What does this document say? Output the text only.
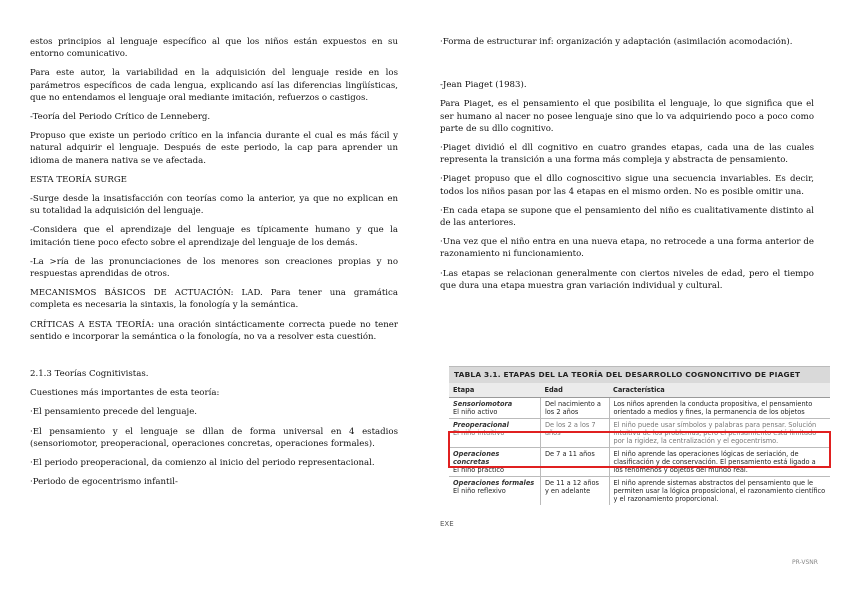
estos principios al lenguaje específico al que los niños están expuestos en su entorno comunicativo.

Para este autor, la variabilidad en la adquisición del lenguaje reside en los parámetros específicos de cada lengua, explicando así las diferencias lingüísticas, que no entendamos el lenguaje oral mediante imitación, refuerzos o castigos.

-Teoría del Periodo Crítico de Lenneberg.

Propuso que existe un periodo crítico en la infancia durante el cual es más fácil y natural adquirir el lenguaje. Después de este periodo, la cap para aprender un idioma de manera nativa se ve afectada.

ESTA TEORÍA SURGE

-Surge desde la insatisfacción con teorías como la anterior, ya que no explican en su totalidad la adquisición del lenguaje.

-Considera que el aprendizaje del lenguaje es típicamente humano y que la imitación tiene poco efecto sobre el aprendizaje del lenguaje de los demás.

-La >ría de las pronunciaciones de los menores son creaciones propias y no respuestas aprendidas de otros.

MECANISMOS BÁSICOS DE ACTUACIÓN: LAD. Para tener una gramática completa es necesaria la sintaxis, la fonología y la semántica.

CRÍTICAS A ESTA TEORÍA: una oración sintácticamente correcta puede no tener sentido e incorporar la semántica o la fonología, no va a resolver esta cuestión.

2.1.3 Teorías Cognitivistas.

Cuestiones más importantes de esta teoría:

·El pensamiento precede del lenguaje.

·El pensamiento y el lenguaje se dllan de forma universal en 4 estadios (sensoriomotor, preoperacional, operaciones concretas, operaciones formales).

·El periodo preoperacional, da comienzo al inicio del periodo representacional.

·Periodo de egocentrismo infantil-

·Forma de estructurar inf: organización y adaptación (asimilación acomodación).

-Jean Piaget (1983).

Para Piaget, es el pensamiento el que posibilita el lenguaje, lo que significa que el ser humano al nacer no posee lenguaje sino que lo va adquiriendo poco a poco como parte de su dllo cognitivo.

·Piaget dividió el dll cognitivo en cuatro grandes etapas, cada una de las cuales representa la transición a una forma más compleja y abstracta de pensamiento.

·Piaget propuso que el dllo cognoscitivo sigue una secuencia invariables. Es decir, todos los niños pasan por las 4 etapas en el mismo orden. No es posible omitir una.

·En cada etapa se supone que el pensamiento del niño es cualitativamente distinto al de las anteriores.

·Una vez que el niño entra en una nueva etapa, no retrocede a una forma anterior de razonamiento ni funcionamiento.

·Las etapas se relacionan generalmente con ciertos niveles de edad, pero el tiempo que dura una etapa muestra gran variación individual y cultural.

TABLA 3.1. ETAPAS DEL LA TEORÍA DEL DESARROLLO COGNONCITIVO DE PIAGET		
Etapa	Edad	Característica

Sensoriomotora
El niño activo	Del nacimiento a los 2 años	Los niños aprenden la conducta propositiva, el pensamiento orientado a medios y fines, la permanencia de los objetos

Preoperacional
El niño intuitivo	De los 2 a los 7 años	El niño puede usar símbolos y palabras para pensar. Solución intuitiva de los problemas, pero el pensamiento está limitado por la rigidez, la centralización y el egocentrismo.

Operaciones concretas
El niño práctico	De 7 a 11 años	El niño aprende las operaciones lógicas de seriación, de clasificación y de conservación. El pensamiento está ligado a los fenómenos y objetos del mundo real.

Operaciones formales
El niño reflexivo	De 11 a 12 años y en adelante	El niño aprende sistemas abstractos del pensamiento que le permiten usar la lógica proposicional, el razonamiento científico y el razonamiento proporcional.
EXE
PR-VSNR
